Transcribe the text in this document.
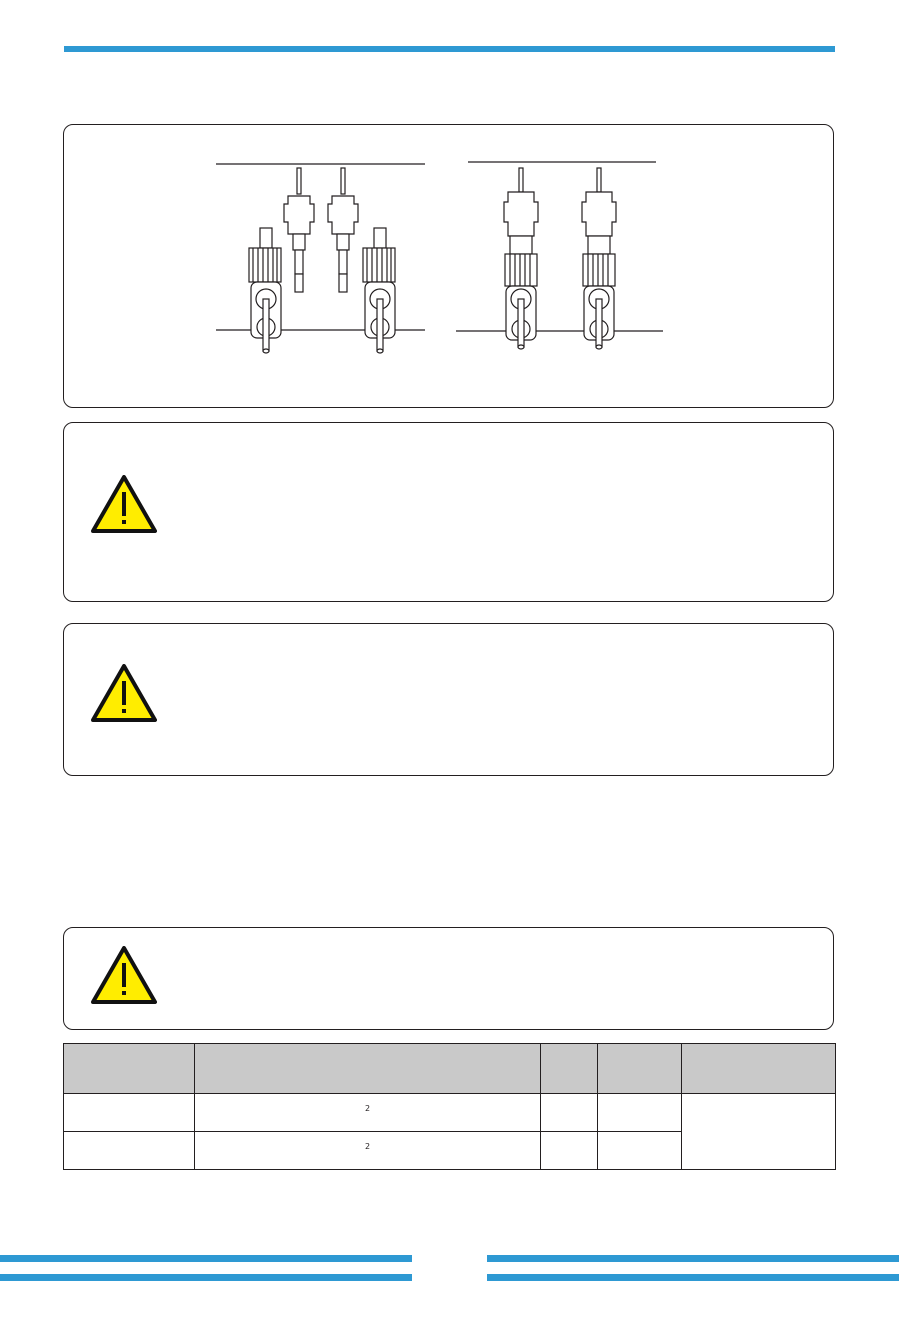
	$^2$			
	$^2$		
